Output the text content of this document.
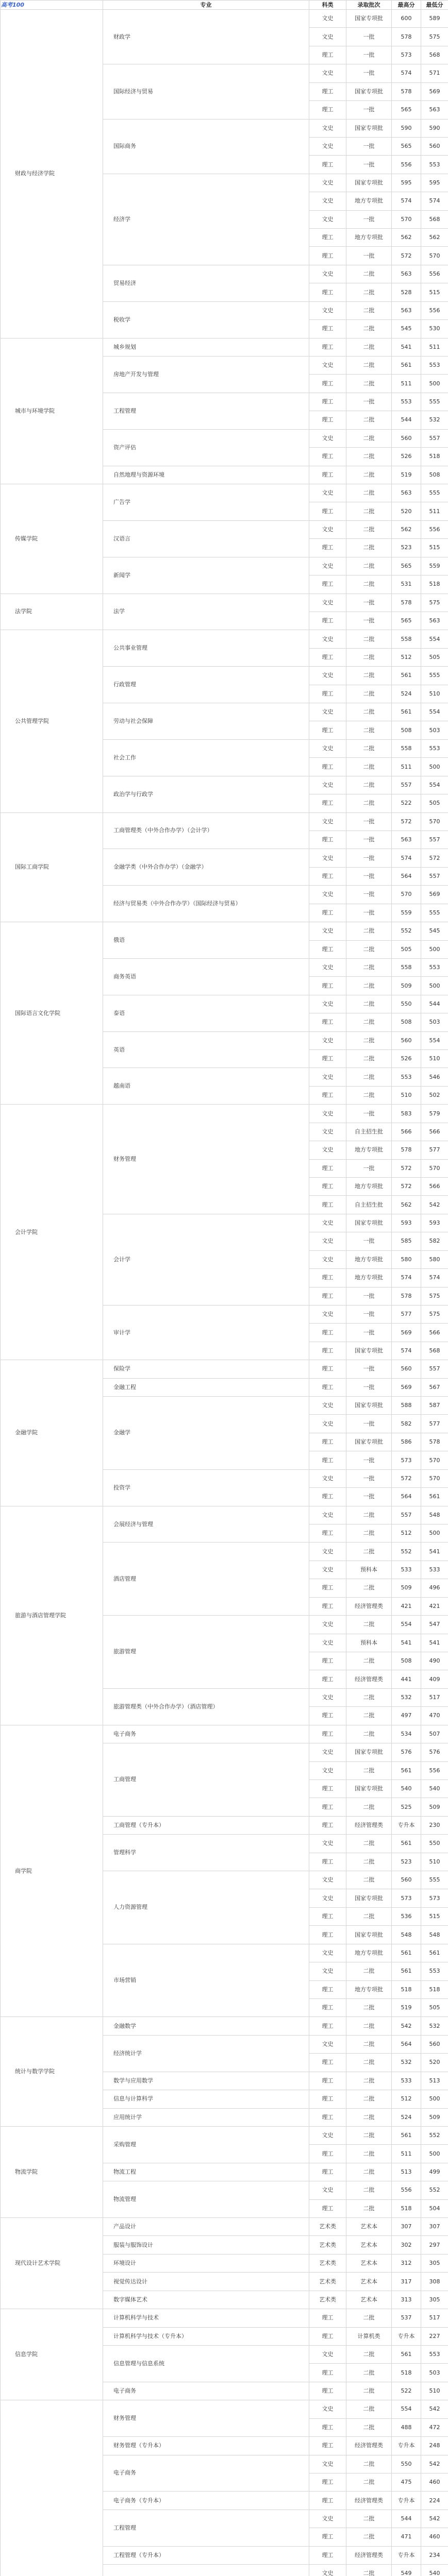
	专业	科类	录取批次	最高分	最低分
财政与经济学院	财政学	文史	国家专项批	600	589
		文史	一批	578	575
		理工	一批	573	568
	国际经济与贸易	文史	一批	574	571
		理工	国家专项批	578	569
		理工	一批	565	563
	国际商务	文史	国家专项批	590	590
		文史	一批	565	560
		理工	一批	556	553
	经济学	文史	国家专项批	595	595
		文史	地方专项批	574	574
		文史	一批	570	568
		理工	地方专项批	562	562
		理工	一批	572	570
	贸易经济	文史	二批	563	556
		理工	二批	528	515
	税收学	文史	二批	563	556
		理工	二批	545	530
城市与环境学院	城乡规划	理工	二批	541	511
	房地产开发与管理	文史	二批	561	553
		理工	二批	511	500
	工程管理	理工	一批	553	555
		理工	二批	544	532
	资产评估	文史	二批	560	557
		理工	二批	526	518
	自然地理与资源环境	理工	二批	519	508
传媒学院	广告学	文史	二批	563	555
		理工	二批	520	511
	汉语言	文史	二批	562	556
		理工	二批	523	515
	新闻学	文史	二批	565	559
		理工	二批	531	518
法学院	法学	文史	一批	578	575
		理工	一批	565	563
公共管理学院	公共事业管理	文史	二批	558	554
		理工	二批	512	505
	行政管理	文史	二批	561	555
		理工	二批	524	510
	劳动与社会保障	文史	二批	561	554
		理工	二批	508	503
	社会工作	文史	二批	558	553
		理工	二批	511	500
	政治学与行政学	文史	二批	557	554
		理工	二批	522	505
国际工商学院	工商管理类（中外合作办学）（会计学）	文史	一批	572	570
		理工	一批	563	557
	金融学类（中外合作办学）（金融学）	文史	一批	574	572
		理工	一批	564	557
	经济与贸易类（中外合作办学）（国际经济与贸易）	文史	一批	570	569
		理工	一批	559	555
国际语言文化学院	俄语	文史	二批	552	545
		理工	二批	505	500
	商务英语	文史	二批	558	553
		理工	二批	509	500
	泰语	文史	二批	550	544
		理工	二批	508	503
	英语	文史	二批	560	554
		理工	二批	526	510
	越南语	文史	二批	553	546
		理工	二批	510	502
会计学院	财务管理	文史	一批	583	579
		文史	自主招生批	566	566
		文史	地方专项批	578	577
		理工	一批	572	570
		理工	地方专项批	572	566
		理工	自主招生批	562	542
	会计学	文史	国家专项批	593	593
		文史	一批	585	582
		文史	地方专项批	580	580
		理工	地方专项批	574	574
		理工	一批	578	575
	审计学	文史	一批	577	575
		理工	一批	569	566
		理工	国家专项批	574	568
金融学院	保险学	理工	一批	560	557
	金融工程	理工	一批	569	567
	金融学	文史	国家专项批	588	587
		文史	一批	582	577
		理工	国家专项批	586	578
		理工	一批	573	570
	投资学	文史	一批	572	570
		理工	一批	564	561
旅游与酒店管理学院	会展经济与管理	文史	二批	557	548
		理工	二批	512	500
	酒店管理	文史	二批	552	541
		文史	预科本	533	533
		理工	二批	509	496
		理工	经济管理类	421	421
	旅游管理	文史	二批	554	547
		文史	预科本	541	541
		理工	二批	508	490
		理工	经济管理类	441	409
	旅游管理类（中外合作办学）（酒店管理）	文史	二批	532	517
		理工	二批	497	470
商学院	电子商务	理工	二批	534	507
	工商管理	文史	国家专项批	576	576
		文史	二批	561	556
		理工	国家专项批	540	540
		理工	二批	525	509
	工商管理（专升本）	理工	经济管理类	专升本	230
	管理科学	文史	二批	561	550
		理工	二批	523	510
	人力资源管理	文史	二批	560	555
		文史	国家专项批	573	573
		理工	二批	536	515
		理工	国家专项批	548	548
	市场营销	文史	地方专项批	561	561
		文史	二批	561	553
		理工	地方专项批	518	518
		理工	二批	519	505
统计与数学学院	金融数学	理工	二批	542	532
	经济统计学	文史	二批	564	560
		理工	二批	532	520
	数学与应用数学	理工	二批	533	513
	信息与计算科学	理工	二批	512	500
	应用统计学	理工	二批	524	509
物流学院	采购管理	文史	二批	561	552
		理工	二批	511	500
	物流工程	理工	二批	513	499
	物流管理	文史	二批	556	552
		理工	二批	518	504
现代设计艺术学院	产品设计	艺术类	艺术本	307	307
	服装与服饰设计	艺术类	艺术本	302	297
	环境设计	艺术类	艺术本	312	305
	视觉传达设计	艺术类	艺术本	317	308
	数字媒体艺术	艺术类	艺术本	313	305
信息学院	计算机科学与技术	理工	二批	537	517
	计算机科学与技术（专升本）	理工	计算机类	专升本	227
	信息管理与信息系统	文史	二批	561	553
		理工	二批	518	503
	电子商务	理工	二批	522	510
	财务管理	文史	二批	554	542
		理工	二批	488	472
	财务管理（专升本）	理工	经济管理类	专升本	248
	电子商务	文史	二批	550	542
		理工	二批	475	460
	电子商务（专升本）	理工	经济管理类	专升本	224
	工程管理	文史	二批	544	542
		理工	二批	471	460
	工程管理（专升本）	理工	经济管理类	专升本	234
	文史	二批	549	540

高考100
